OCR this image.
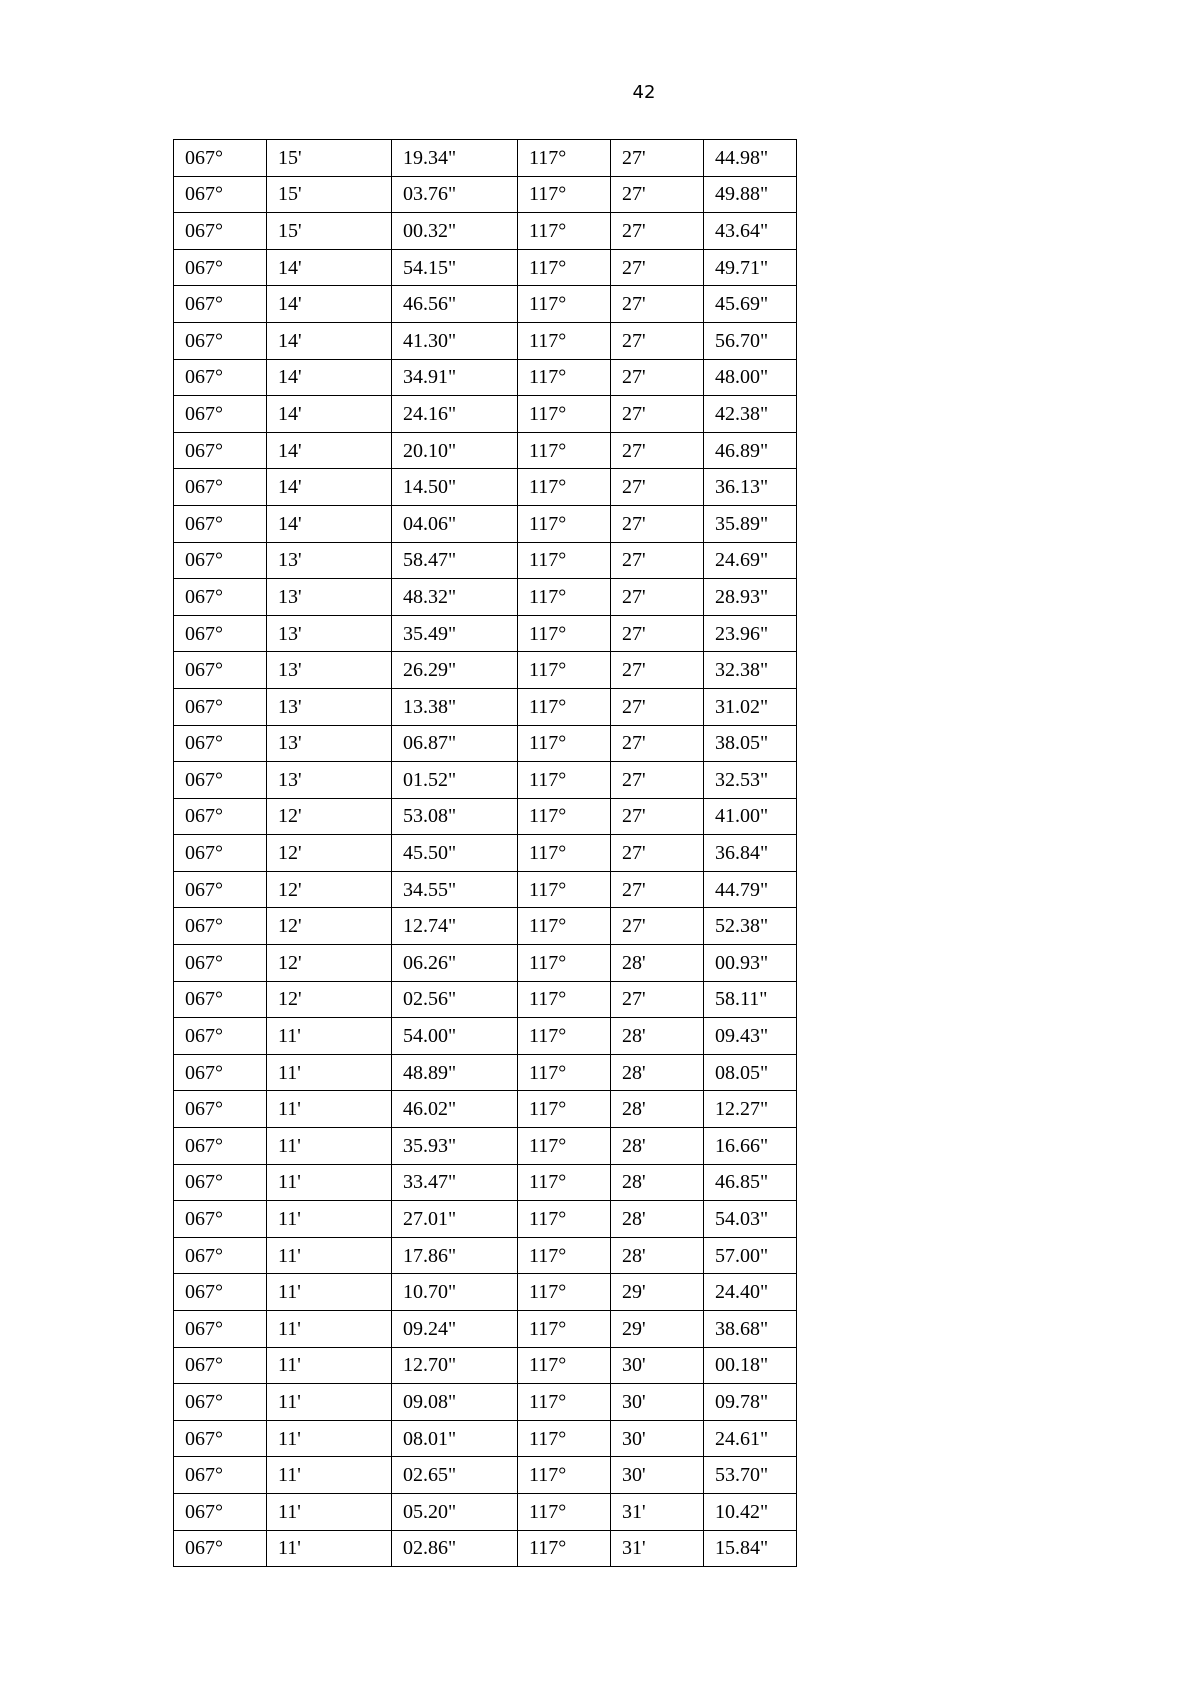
42
067°	15'	19.34"	117°	27'	44.98"
067°	15'	03.76"	117°	27'	49.88"
067°	15'	00.32"	117°	27'	43.64"
067°	14'	54.15"	117°	27'	49.71"
067°	14'	46.56"	117°	27'	45.69"
067°	14'	41.30"	117°	27'	56.70"
067°	14'	34.91"	117°	27'	48.00"
067°	14'	24.16"	117°	27'	42.38"
067°	14'	20.10"	117°	27'	46.89"
067°	14'	14.50"	117°	27'	36.13"
067°	14'	04.06"	117°	27'	35.89"
067°	13'	58.47"	117°	27'	24.69"
067°	13'	48.32"	117°	27'	28.93"
067°	13'	35.49"	117°	27'	23.96"
067°	13'	26.29"	117°	27'	32.38"
067°	13'	13.38"	117°	27'	31.02"
067°	13'	06.87"	117°	27'	38.05"
067°	13'	01.52"	117°	27'	32.53"
067°	12'	53.08"	117°	27'	41.00"
067°	12'	45.50"	117°	27'	36.84"
067°	12'	34.55"	117°	27'	44.79"
067°	12'	12.74"	117°	27'	52.38"
067°	12'	06.26"	117°	28'	00.93"
067°	12'	02.56"	117°	27'	58.11"
067°	11'	54.00"	117°	28'	09.43"
067°	11'	48.89"	117°	28'	08.05"
067°	11'	46.02"	117°	28'	12.27"
067°	11'	35.93"	117°	28'	16.66"
067°	11'	33.47"	117°	28'	46.85"
067°	11'	27.01"	117°	28'	54.03"
067°	11'	17.86"	117°	28'	57.00"
067°	11'	10.70"	117°	29'	24.40"
067°	11'	09.24"	117°	29'	38.68"
067°	11'	12.70"	117°	30'	00.18"
067°	11'	09.08"	117°	30'	09.78"
067°	11'	08.01"	117°	30'	24.61"
067°	11'	02.65"	117°	30'	53.70"
067°	11'	05.20"	117°	31'	10.42"
067°	11'	02.86"	117°	31'	15.84"
